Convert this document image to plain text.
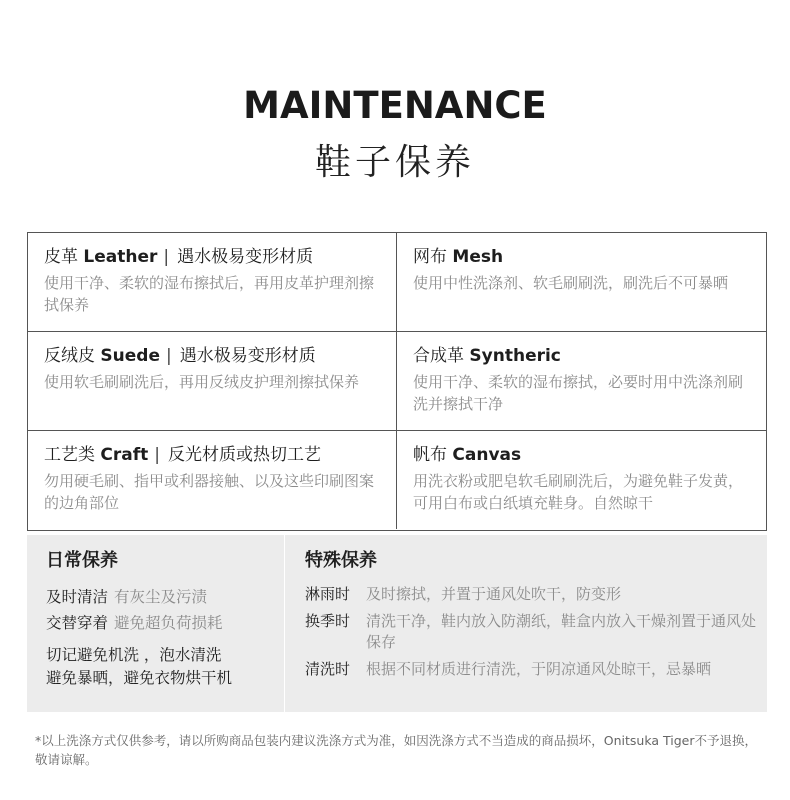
MAINTENANCE
鞋子保养
皮革 Leather | 遇水极易变形材质
使用干净、柔软的湿布擦拭后，再用皮革护理剂擦拭保养
网布 Mesh
使用中性洗涤剂、软毛刷刷洗，刷洗后不可暴晒
反绒皮 Suede | 遇水极易变形材质
使用软毛刷刷洗后，再用反绒皮护理剂擦拭保养
合成革 Syntheric
使用干净、柔软的湿布擦拭，必要时用中洗涤剂刷洗并擦拭干净
工艺类 Craft | 反光材质或热切工艺
勿用硬毛刷、指甲或利器接触、以及这些印刷图案的边角部位
帆布 Canvas
用洗衣粉或肥皂软毛刷刷洗后，为避免鞋子发黄，可用白布或白纸填充鞋身。自然晾干
日常保养
及时清洁 有灰尘及污渍
交替穿着 避免超负荷损耗
切记避免机洗 ，泡水清洗
避免暴晒，避免衣物烘干机
特殊保养
淋雨时	及时擦拭，并置于通风处吹干，防变形
换季时	清洗干净，鞋内放入防潮纸，鞋盒内放入干燥剂置于通风处保存
清洗时	根据不同材质进行清洗，于阴凉通风处晾干，忌暴晒
*以上洗涤方式仅供参考，请以所购商品包装内建议洗涤方式为准，如因洗涤方式不当造成的商品损坏，Onitsuka Tiger不予退换，敬请谅解。
